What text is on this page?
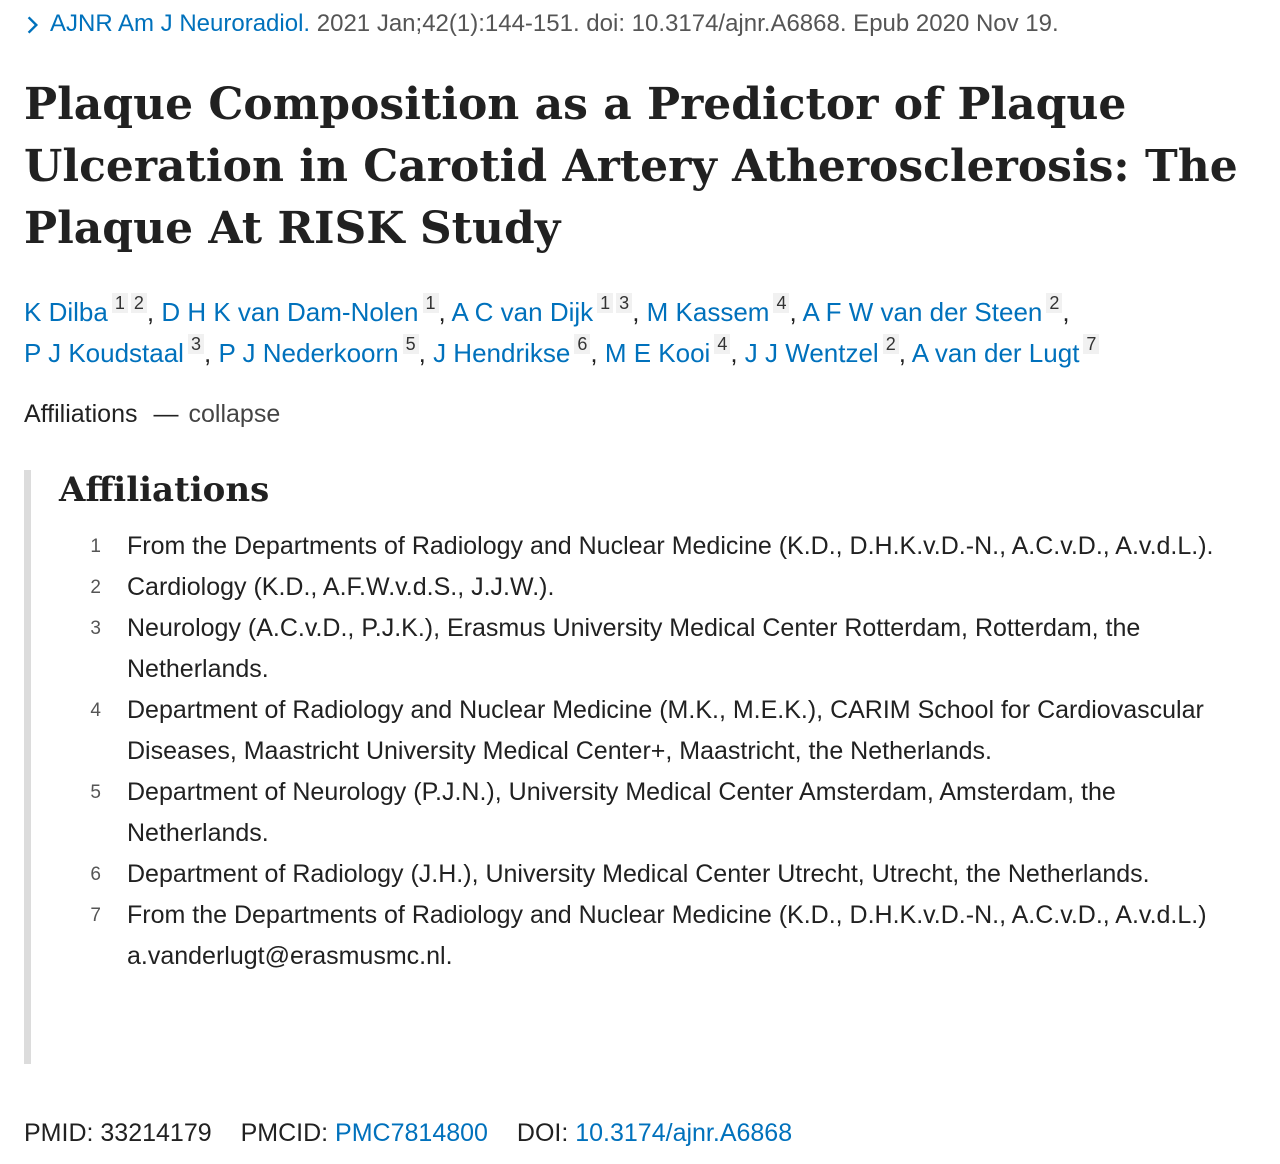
AJNR Am J Neuroradiol. 2021 Jan;42(1):144-151. doi: 10.3174/ajnr.A6868. Epub 2020 Nov 19.
Plaque Composition as a Predictor of Plaque Ulceration in Carotid Artery Atherosclerosis: The Plaque At RISK Study
K Dilba $^1$ $^2$ , D H K van Dam-Nolen $^1$ , A C van Dijk $^1$ $^3$ , M Kassem $^4$ , A F W van der Steen $^2$ ,
P J Koudstaal $^3$ , P J Nederkoorn $^5$ , J Hendrikse $^6$ , M E Kooi $^4$ , J J Wentzel $^2$ , A van der Lugt $^7$
Affiliations — collapse
Affiliations
1	From the Departments of Radiology and Nuclear Medicine (K.D., D.H.K.v.D.-N., A.C.v.D., A.v.d.L.).
2	Cardiology (K.D., A.F.W.v.d.S., J.J.W.).
3	Neurology (A.C.v.D., P.J.K.), Erasmus University Medical Center Rotterdam, Rotterdam, the Netherlands.
4	Department of Radiology and Nuclear Medicine (M.K., M.E.K.), CARIM School for Cardiovascular Diseases, Maastricht University Medical Center+, Maastricht, the Netherlands.
5	Department of Neurology (P.J.N.), University Medical Center Amsterdam, Amsterdam, the Netherlands.
6	Department of Radiology (J.H.), University Medical Center Utrecht, Utrecht, the Netherlands.
7	From the Departments of Radiology and Nuclear Medicine (K.D., D.H.K.v.D.-N., A.C.v.D., A.v.d.L.) a.vanderlugt@erasmusmc.nl.
PMID: 33214179 PMCID: PMC7814800 DOI: 10.3174/ajnr.A6868
